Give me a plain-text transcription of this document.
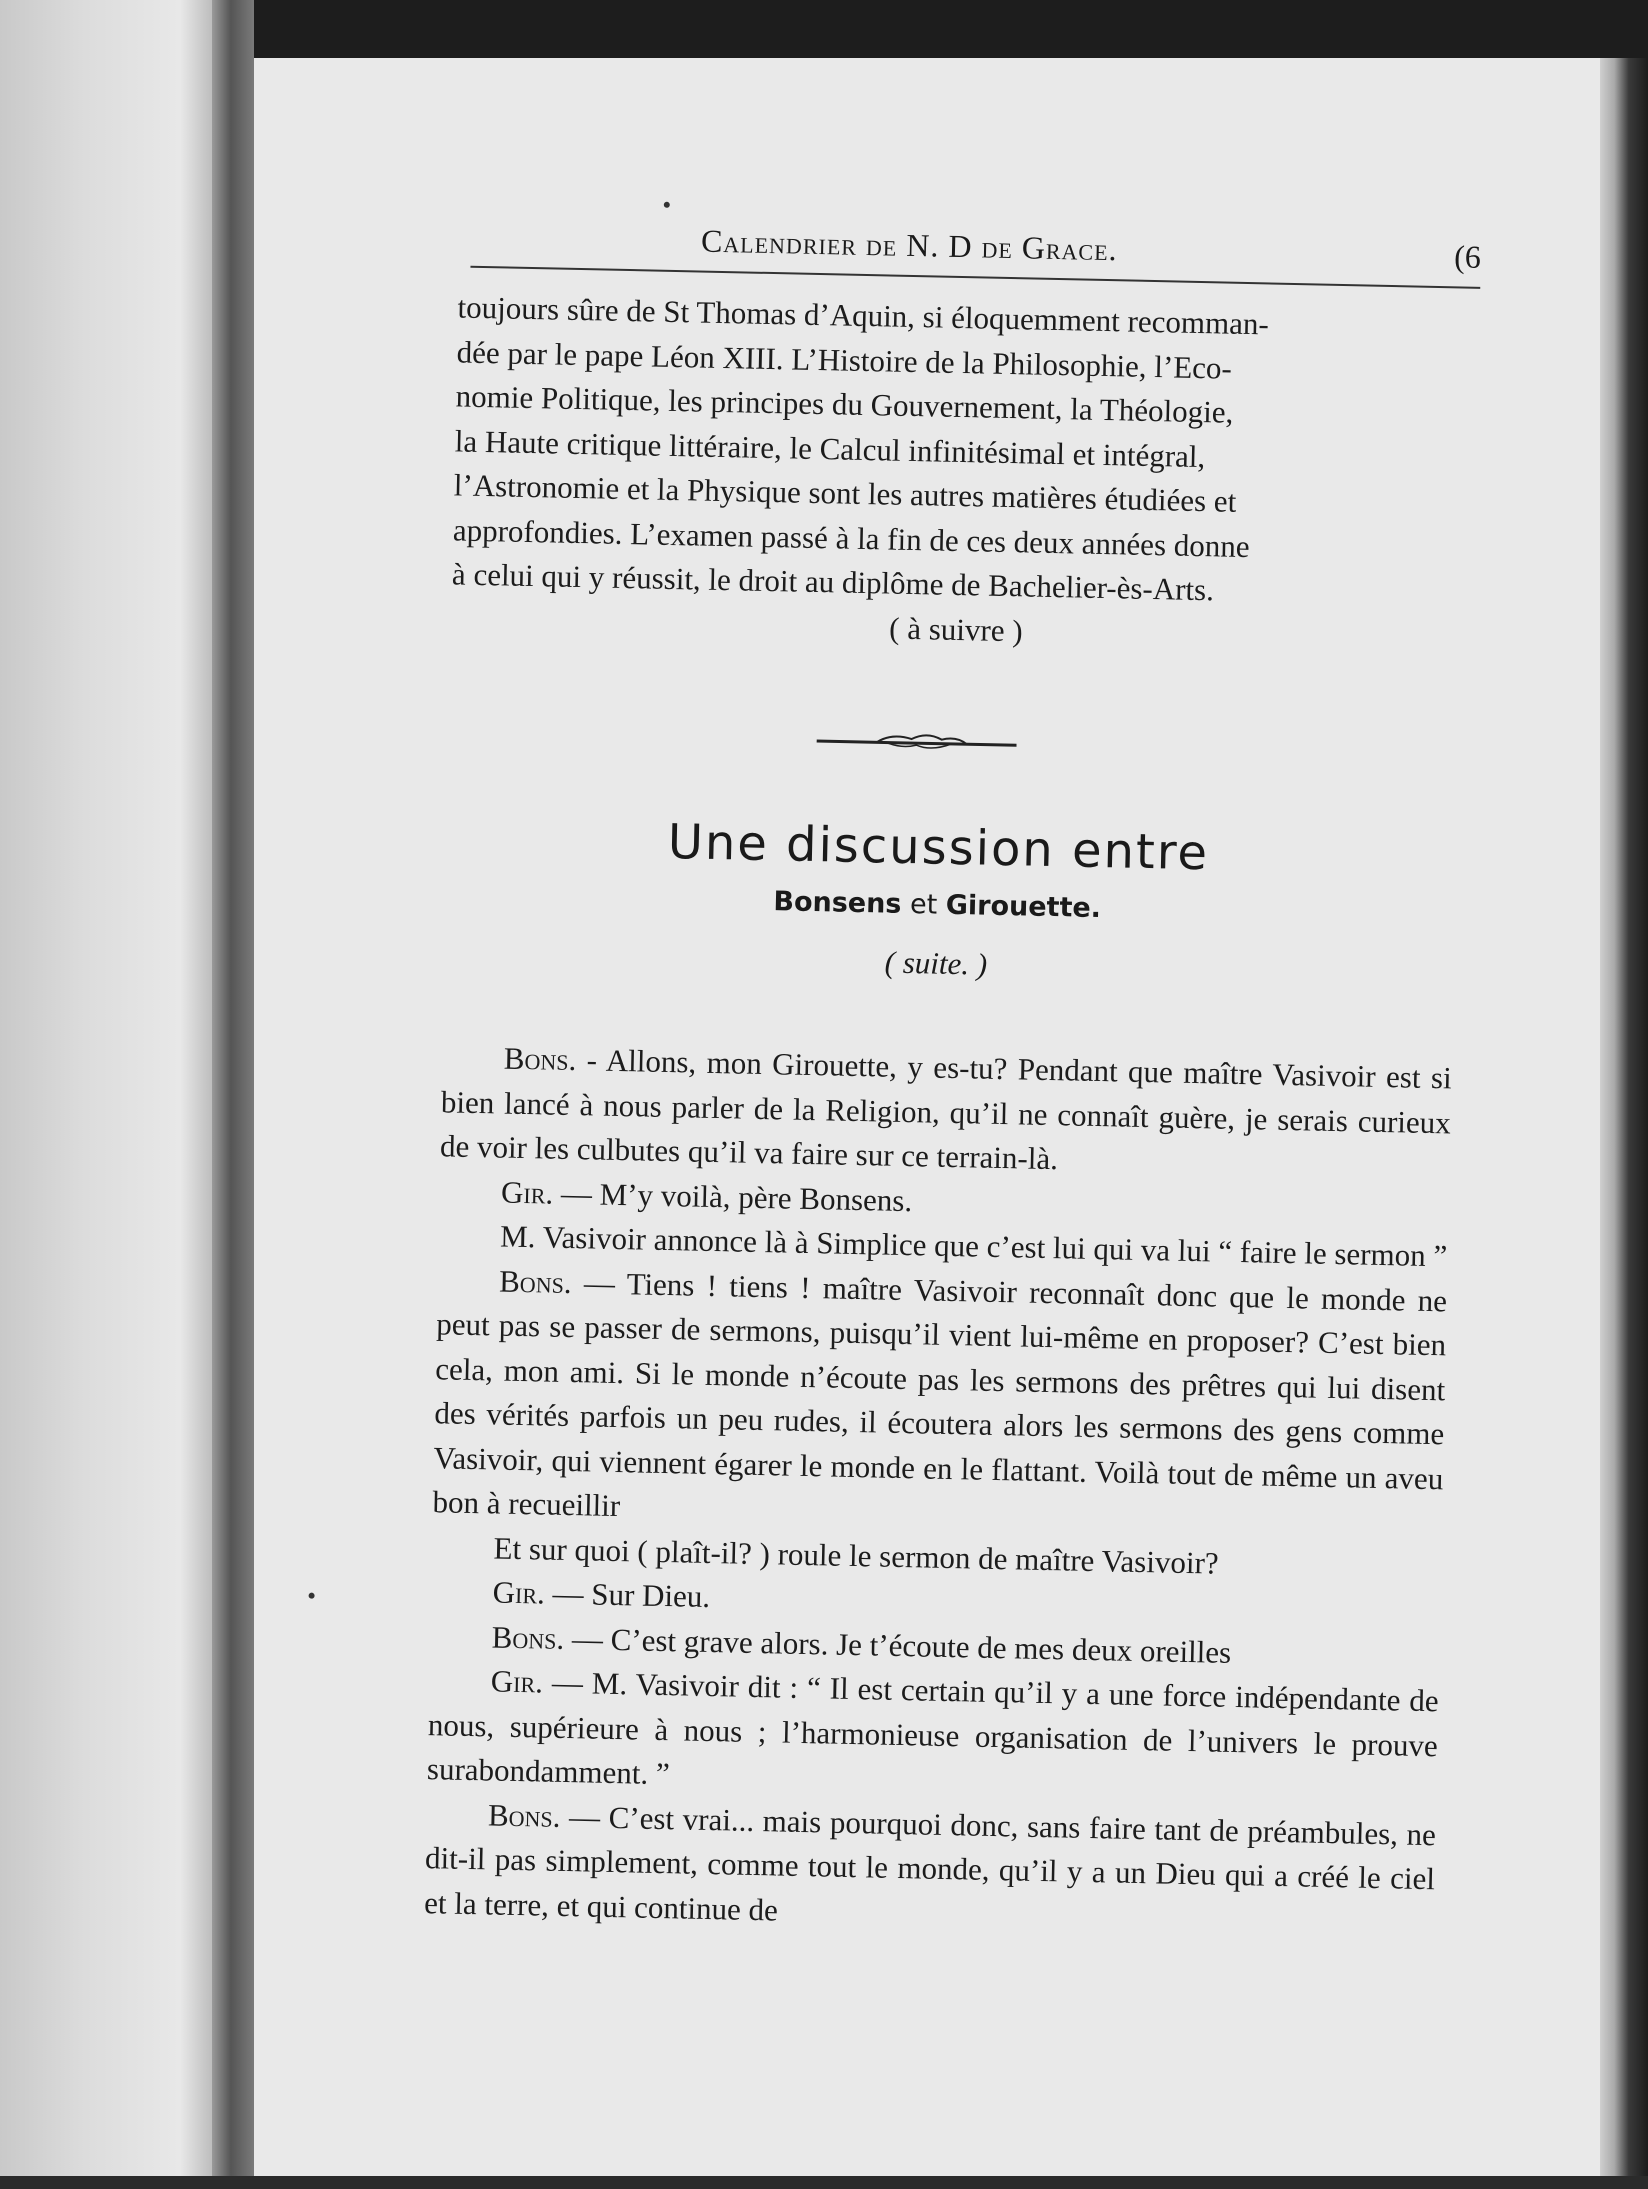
Calendrier de N. D de Grace.	(6
toujours sûre de St Thomas d’Aquin, si éloquemment recomman-
dée par le pape Léon XIII. L’Histoire de la Philosophie, l’Eco-
nomie Politique, les principes du Gouvernement, la Théologie,
la Haute critique littéraire, le Calcul infinitésimal et intégral,
l’Astronomie et la Physique sont les autres matières étudiées et
approfondies. L’examen passé à la fin de ces deux années donne
à celui qui y réussit, le droit au diplôme de Bachelier-ès-Arts.
( à suivre )
Une discussion entre
Bonsens et Girouette.
( suite. )

Bons. - Allons, mon Girouette, y es-tu? Pendant que maître Vasivoir est si bien lancé à nous parler de la Religion, qu’il ne connaît guère, je serais curieux de voir les culbutes qu’il va faire sur ce terrain-là.

Gir. — M’y voilà, père Bonsens.

M. Vasivoir annonce là à Simplice que c’est lui qui va lui “ faire le sermon ”

Bons. — Tiens ! tiens ! maître Vasivoir reconnaît donc que le monde ne peut pas se passer de sermons, puisqu’il vient lui-même en proposer? C’est bien cela, mon ami. Si le monde n’écoute pas les sermons des prêtres qui lui disent des vérités parfois un peu rudes, il écoutera alors les sermons des gens comme Vasivoir, qui viennent égarer le monde en le flattant. Voilà tout de même un aveu bon à recueillir

Et sur quoi ( plaît-il? ) roule le sermon de maître Vasivoir?

Gir. — Sur Dieu.

Bons. — C’est grave alors. Je t’écoute de mes deux oreilles

Gir. — M. Vasivoir dit : “ Il est certain qu’il y a une force indépendante de nous, supérieure à nous ; l’harmonieuse organisation de l’univers le prouve surabondamment. ”

Bons. — C’est vrai... mais pourquoi donc, sans faire tant de préambules, ne dit-il pas simplement, comme tout le monde, qu’il y a un Dieu qui a créé le ciel et la terre, et qui continue de
